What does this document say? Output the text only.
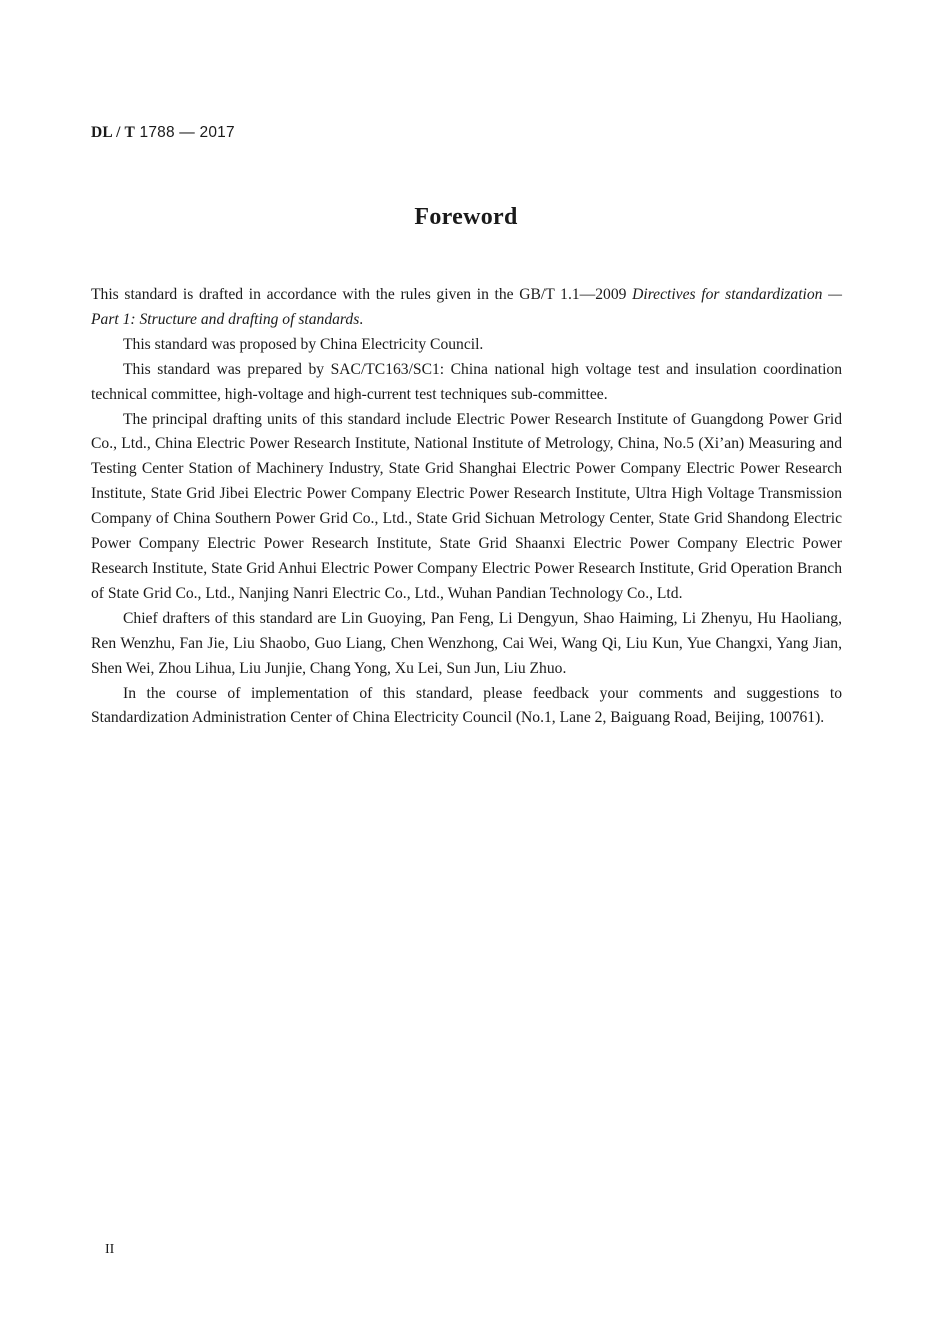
DL / T 1788 — 2017
Foreword

This standard is drafted in accordance with the rules given in the GB/T 1.1—2009 Directives for standardization — Part 1: Structure and drafting of standards.

This standard was proposed by China Electricity Council.

This standard was prepared by SAC/TC163/SC1: China national high voltage test and insulation coordination technical committee, high-voltage and high-current test techniques sub-committee.

The principal drafting units of this standard include Electric Power Research Institute of Guangdong Power Grid Co., Ltd., China Electric Power Research Institute, National Institute of Metrology, China, No.5 (Xi’an) Measuring and Testing Center Station of Machinery Industry, State Grid Shanghai Electric Power Company Electric Power Research Institute, State Grid Jibei Electric Power Company Electric Power Research Institute, Ultra High Voltage Transmission Company of China Southern Power Grid Co., Ltd., State Grid Sichuan Metrology Center, State Grid Shandong Electric Power Company Electric Power Research Institute, State Grid Shaanxi Electric Power Company Electric Power Research Institute, State Grid Anhui Electric Power Company Electric Power Research Institute, Grid Operation Branch of State Grid Co., Ltd., Nanjing Nanri Electric Co., Ltd., Wuhan Pandian Technology Co., Ltd.

Chief drafters of this standard are Lin Guoying, Pan Feng, Li Dengyun, Shao Haiming, Li Zhenyu, Hu Haoliang, Ren Wenzhu, Fan Jie, Liu Shaobo, Guo Liang, Chen Wenzhong, Cai Wei, Wang Qi, Liu Kun, Yue Changxi, Yang Jian, Shen Wei, Zhou Lihua, Liu Junjie, Chang Yong, Xu Lei, Sun Jun, Liu Zhuo.

In the course of implementation of this standard, please feedback your comments and suggestions to Standardization Administration Center of China Electricity Council (No.1, Lane 2, Baiguang Road, Beijing, 100761).

II
